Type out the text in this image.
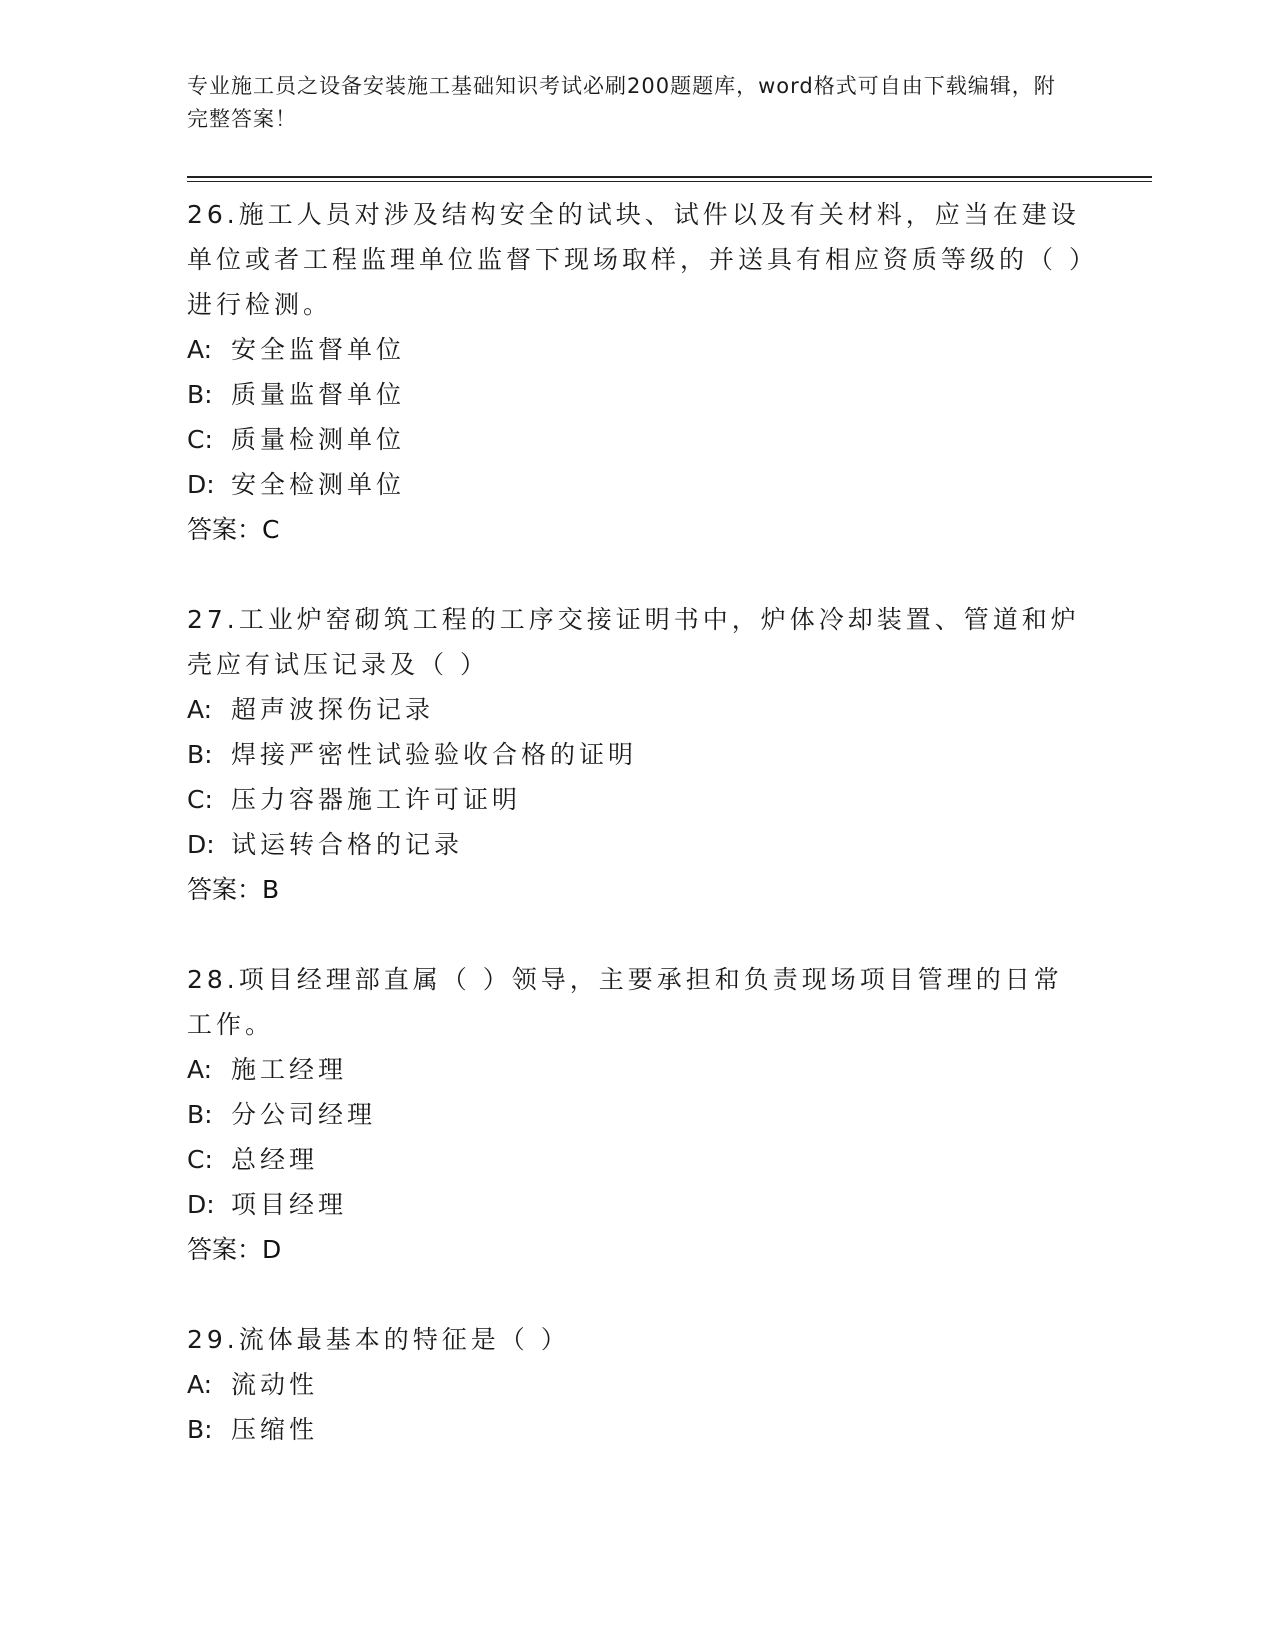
专业施工员之设备安装施工基础知识考试必刷200题题库，word格式可自由下载编辑，附完整答案！

26.施工人员对涉及结构安全的试块、试件以及有关材料，应当在建设单位或者工程监理单位监督下现场取样，并送具有相应资质等级的（ ）进行检测。

A: 安全监督单位

B: 质量监督单位

C: 质量检测单位

D: 安全检测单位

答案：C

27.工业炉窑砌筑工程的工序交接证明书中，炉体冷却装置、管道和炉壳应有试压记录及（ ）

A: 超声波探伤记录

B: 焊接严密性试验验收合格的证明

C: 压力容器施工许可证明

D: 试运转合格的记录

答案：B

28.项目经理部直属（ ）领导，主要承担和负责现场项目管理的日常工作。

A: 施工经理

B: 分公司经理

C: 总经理

D: 项目经理

答案：D

29.流体最基本的特征是（ ）

A: 流动性

B: 压缩性
